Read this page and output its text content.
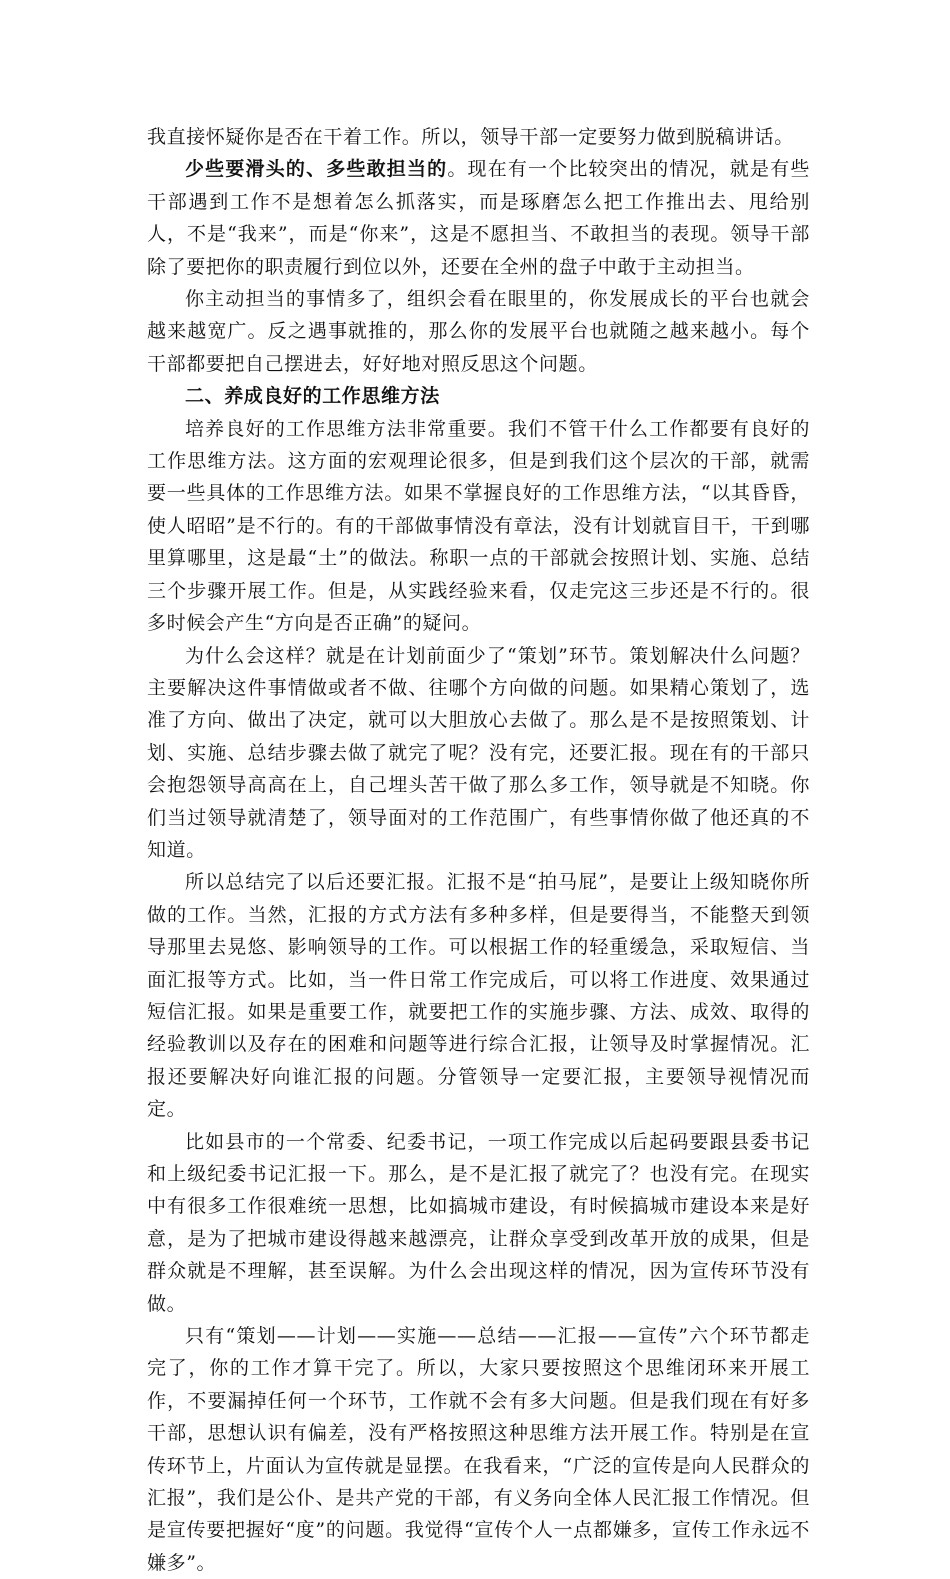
我直接怀疑你是否在干着工作。所以，领导干部一定要努力做到脱稿讲话。

少些要滑头的、多些敢担当的。现在有一个比较突出的情况，就是有些干部遇到工作不是想着怎么抓落实，而是琢磨怎么把工作推出去、甩给别人，不是“我来”，而是“你来”，这是不愿担当、不敢担当的表现。领导干部除了要把你的职责履行到位以外，还要在全州的盘子中敢于主动担当。

你主动担当的事情多了，组织会看在眼里的，你发展成长的平台也就会越来越宽广。反之遇事就推的，那么你的发展平台也就随之越来越小。每个干部都要把自己摆进去，好好地对照反思这个问题。

二、养成良好的工作思维方法

培养良好的工作思维方法非常重要。我们不管干什么工作都要有良好的工作思维方法。这方面的宏观理论很多，但是到我们这个层次的干部，就需要一些具体的工作思维方法。如果不掌握良好的工作思维方法，“以其昏昏，使人昭昭”是不行的。有的干部做事情没有章法，没有计划就盲目干，干到哪里算哪里，这是最“土”的做法。称职一点的干部就会按照计划、实施、总结三个步骤开展工作。但是，从实践经验来看，仅走完这三步还是不行的。很多时候会产生“方向是否正确”的疑问。

为什么会这样？就是在计划前面少了“策划”环节。策划解决什么问题？主要解决这件事情做或者不做、往哪个方向做的问题。如果精心策划了，选准了方向、做出了决定，就可以大胆放心去做了。那么是不是按照策划、计划、实施、总结步骤去做了就完了呢？没有完，还要汇报。现在有的干部只会抱怨领导高高在上，自己埋头苦干做了那么多工作，领导就是不知晓。你们当过领导就清楚了，领导面对的工作范围广，有些事情你做了他还真的不知道。

所以总结完了以后还要汇报。汇报不是“拍马屁”，是要让上级知晓你所做的工作。当然，汇报的方式方法有多种多样，但是要得当，不能整天到领导那里去晃悠、影响领导的工作。可以根据工作的轻重缓急，采取短信、当面汇报等方式。比如，当一件日常工作完成后，可以将工作进度、效果通过短信汇报。如果是重要工作，就要把工作的实施步骤、方法、成效、取得的经验教训以及存在的困难和问题等进行综合汇报，让领导及时掌握情况。汇报还要解决好向谁汇报的问题。分管领导一定要汇报，主要领导视情况而定。

比如县市的一个常委、纪委书记，一项工作完成以后起码要跟县委书记和上级纪委书记汇报一下。那么，是不是汇报了就完了？也没有完。在现实中有很多工作很难统一思想，比如搞城市建设，有时候搞城市建设本来是好意，是为了把城市建设得越来越漂亮，让群众享受到改革开放的成果，但是群众就是不理解，甚至误解。为什么会出现这样的情况，因为宣传环节没有做。

只有“策划——计划——实施——总结——汇报——宣传”六个环节都走完了，你的工作才算干完了。所以，大家只要按照这个思维闭环来开展工作，不要漏掉任何一个环节，工作就不会有多大问题。但是我们现在有好多干部，思想认识有偏差，没有严格按照这种思维方法开展工作。特别是在宣传环节上，片面认为宣传就是显摆。在我看来，“广泛的宣传是向人民群众的汇报”，我们是公仆、是共产党的干部，有义务向全体人民汇报工作情况。但是宣传要把握好“度”的问题。我觉得“宣传个人一点都嫌多，宣传工作永远不嫌多”。
